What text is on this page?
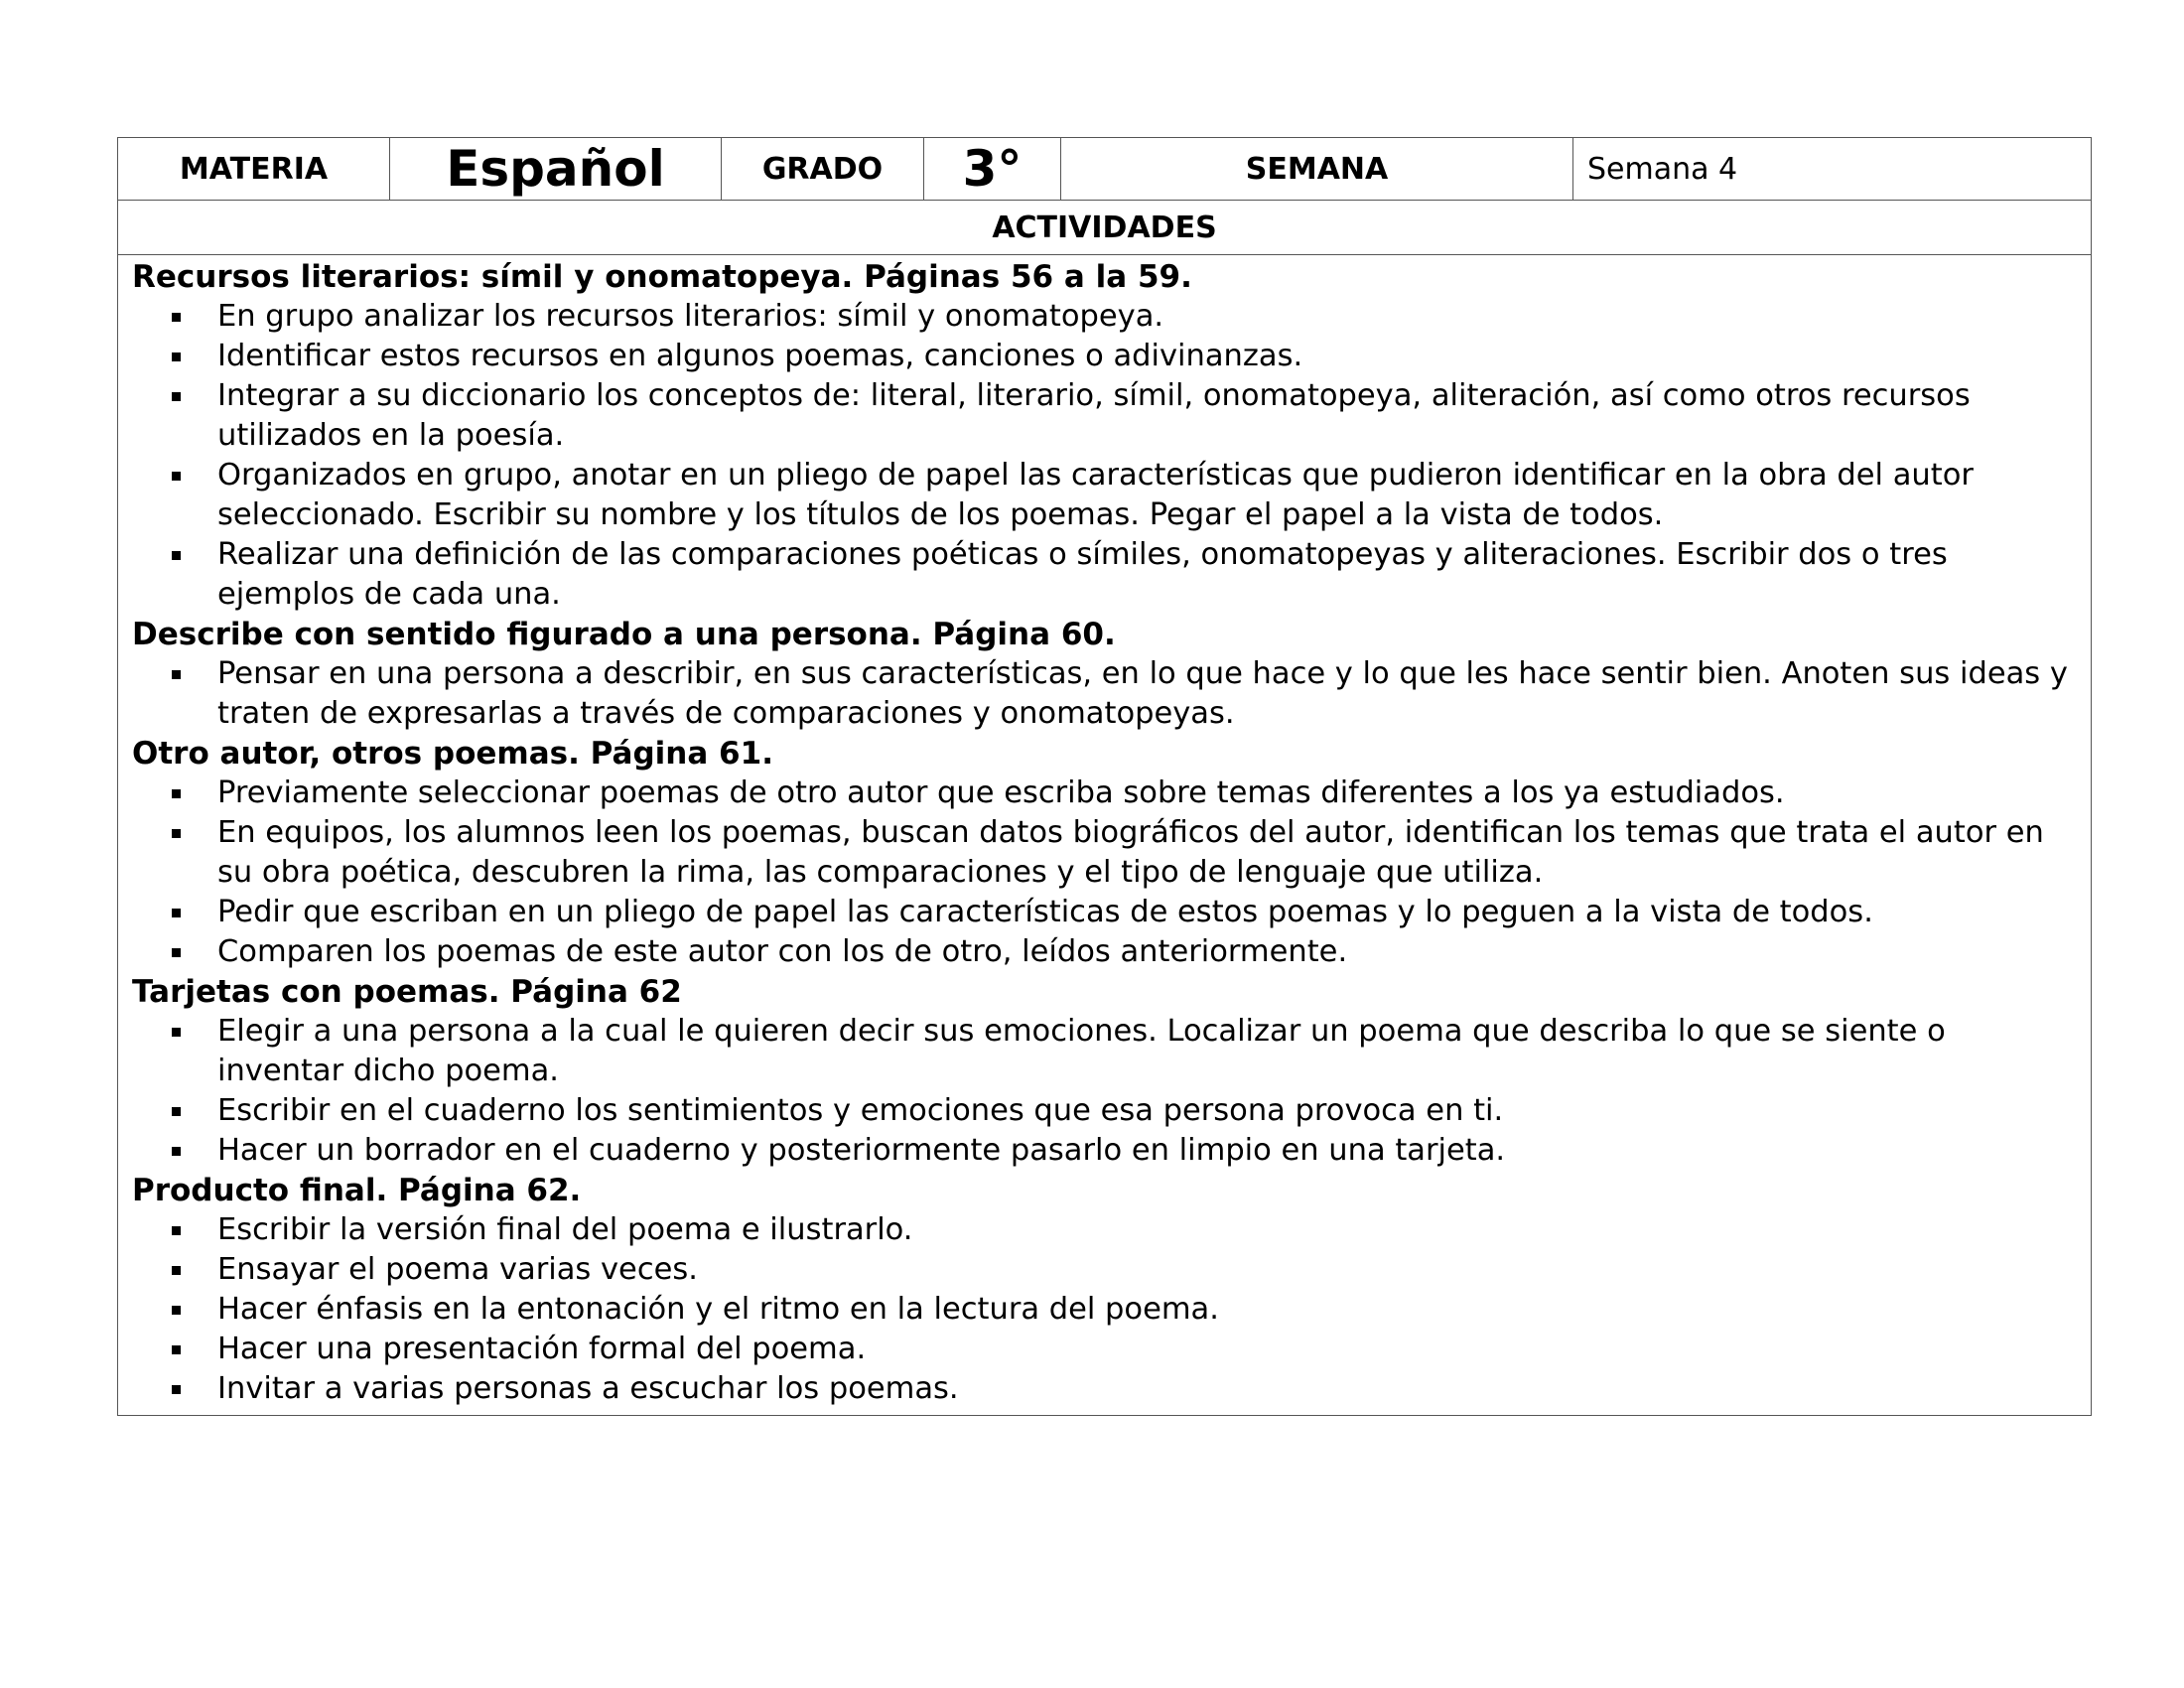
MATERIA	Español	GRADO	3°	SEMANA	Semana 4
ACTIVIDADES

Recursos literarios: símil y onomatopeya. Páginas 56 a la 59.

En grupo analizar los recursos literarios: símil y onomatopeya.
Identificar estos recursos en algunos poemas, canciones o adivinanzas.
Integrar a su diccionario los conceptos de: literal, literario, símil, onomatopeya, aliteración, así como otros recursos utilizados en la poesía.
Organizados en grupo, anotar en un pliego de papel las características que pudieron identificar en la obra del autor seleccionado. Escribir su nombre y los títulos de los poemas. Pegar el papel a la vista de todos.
Realizar una definición de las comparaciones poéticas o símiles, onomatopeyas y aliteraciones. Escribir dos o tres ejemplos de cada una.

Describe con sentido figurado a una persona. Página 60.

Pensar en una persona a describir, en sus características, en lo que hace y lo que les hace sentir bien. Anoten sus ideas y traten de expresarlas a través de comparaciones y onomatopeyas.

Otro autor, otros poemas. Página 61.

Previamente seleccionar poemas de otro autor que escriba sobre temas diferentes a los ya estudiados.
En equipos, los alumnos leen los poemas, buscan datos biográficos del autor, identifican los temas que trata el autor en su obra poética, descubren la rima, las comparaciones y el tipo de lenguaje que utiliza.
Pedir que escriban en un pliego de papel las características de estos poemas y lo peguen a la vista de todos.
Comparen los poemas de este autor con los de otro, leídos anteriormente.

Tarjetas con poemas. Página 62

Elegir a una persona a la cual le quieren decir sus emociones. Localizar un poema que describa lo que se siente o inventar dicho poema.
Escribir en el cuaderno los sentimientos y emociones que esa persona provoca en ti.
Hacer un borrador en el cuaderno y posteriormente pasarlo en limpio en una tarjeta.

Producto final. Página 62.

Escribir la versión final del poema e ilustrarlo.
Ensayar el poema varias veces.
Hacer énfasis en la entonación y el ritmo en la lectura del poema.
Hacer una presentación formal del poema.
Invitar a varias personas a escuchar los poemas.
